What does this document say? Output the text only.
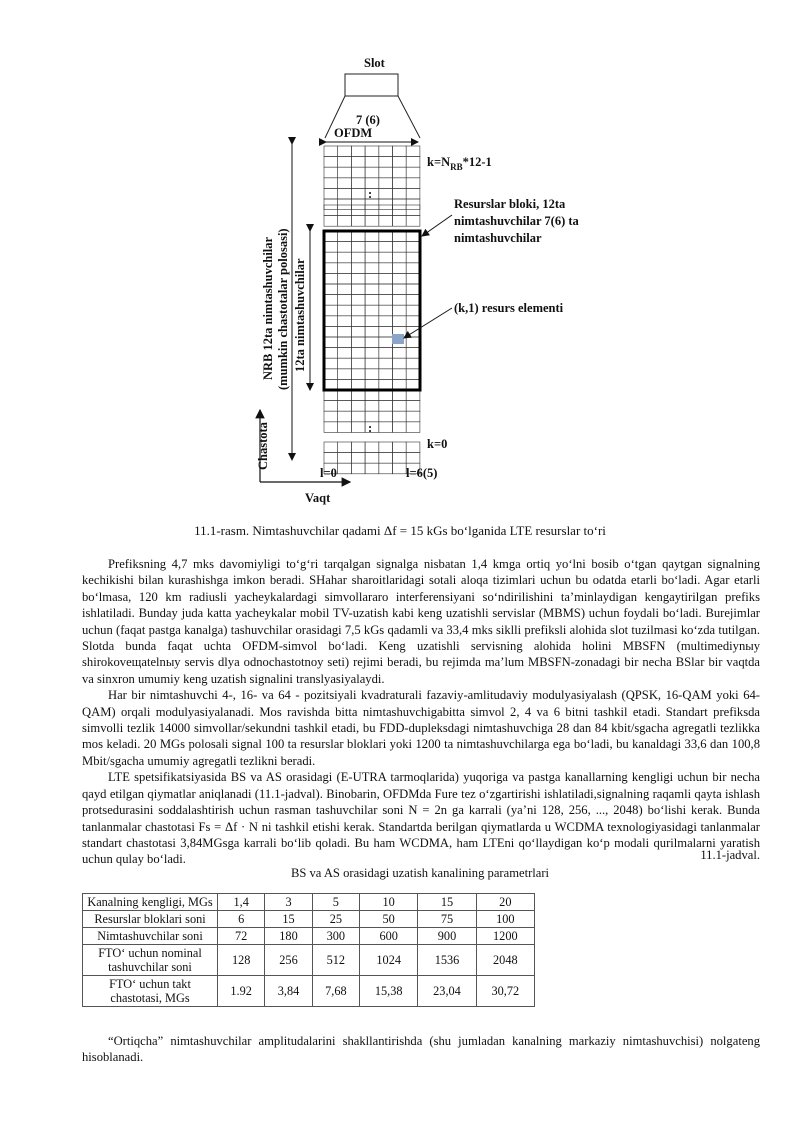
Slot
7 (6)
OFDM
:
:
$k=N_{RB}*12-1$
Resurslar bloki, 12ta
nimtashuvchilar 7(6) ta
nimtashuvchilar
(k,1) resurs elementi
k=0
l=0	l=6(5)
Vaqt
Chastota
NRB 12ta nimtashuvchilar (mumkin chastotalar polosasi) 12ta nimtashuvchilar
11.1-rasm. Nimtashuvchilar qadami Δf = 15 kGs bo‘lganida LTE resurslar to‘ri

Prefiksning 4,7 mks davomiyligi to‘g‘ri tarqalgan signalga nisbatan 1,4 kmga ortiq yo‘lni bosib o‘tgan qaytgan signalning kechikishi bilan kurashishga imkon beradi. SHahar sharoitlaridagi sotali aloqa tizimlari uchun bu odatda etarli bo‘ladi. Agar etarli bo‘lmasa, 120 km radiusli yacheykalardagi simvollararo interferensiyani so‘ndirilishini ta’minlaydigan kengaytirilgan prefiks ishlatiladi. Bunday juda katta yacheykalar mobil TV-uzatish kabi keng uzatishli servislar (MBMS) uchun foydali bo‘ladi. Burejimlar uchun (faqat pastga kanalga) tashuvchilar orasidagi 7,5 kGs qadamli va 33,4 mks siklli prefiksli alohida slot tuzilmasi ko‘zda tutilgan. Slotda bunda faqat uchta OFDM-simvol bo‘ladi. Keng uzatishli servisning alohida holini MBSFN (multimediynыy shirokoveщatelnыy servis dlya odnochastotnoy seti) rejimi beradi, bu rejimda ma’lum MBSFN-zonadagi bir necha BSlar bir vaqtda va sinxron umumiy keng uzatish signalini translyasiyalaydi.

Har bir nimtashuvchi 4-, 16- va 64 - pozitsiyali kvadraturali fazaviy-amlitudaviy modulyasiyalash (QPSK, 16-QAM yoki 64-QAM) orqali modulyasiyalanadi. Mos ravishda bitta nimtashuvchigabitta simvol 2, 4 va 6 bitni tashkil etadi. Standart prefiksda simvolli tezlik 14000 simvollar/sekundni tashkil etadi, bu FDD-dupleksdagi nimtashuvchiga 28 dan 84 kbit/sgacha agregatli tezlikka mos keladi. 20 MGs polosali signal 100 ta resurslar bloklari yoki 1200 ta nimtashuvchilarga ega bo‘ladi, bu kanaldagi 33,6 dan 100,8 Mbit/sgacha umumiy agregatli tezlikni beradi.

LTE spetsifikatsiyasida BS va AS orasidagi (E-UTRA tarmoqlarida) yuqoriga va pastga kanallarning kengligi uchun bir necha qayd etilgan qiymatlar aniqlanadi (11.1-jadval). Binobarin, OFDMda Fure tez o‘zgartirishi ishlatiladi,signalning raqamli qayta ishlash protsedurasini soddalashtirish uchun rasman tashuvchilar soni N = 2n ga karrali (ya’ni 128, 256, ..., 2048) bo‘lishi kerak. Bunda tanlanmalar chastotasi Fs = Δf · N ni tashkil etishi kerak. Standartda berilgan qiymatlarda u WCDMA texnologiyasidagi tanlanmalar standart chastotasi 3,84MGsga karrali bo‘lib qoladi. Bu ham WCDMA, ham LTEni qo‘llaydigan ko‘p modali qurilmalarni yaratish uchun qulay bo‘ladi.	11.1-jadval.
BS va AS orasidagi uzatish kanalining parametrlari
Kanalning kengligi, MGs	1,4	3	5	10	15	20
Resurslar bloklari soni	6	15	25	50	75	100
Nimtashuvchilar soni	72	180	300	600	900	1200
FTO‘ uchun nominal tashuvchilar soni	128	256	512	1024	1536	2048
FTO‘ uchun takt chastotasi, MGs	1.92	3,84	7,68	15,38	23,04	30,72
“Ortiqcha” nimtashuvchilar amplitudalarini shakllantirishda (shu jumladan kanalning markaziy nimtashuvchisi) nolgateng hisoblanadi.
